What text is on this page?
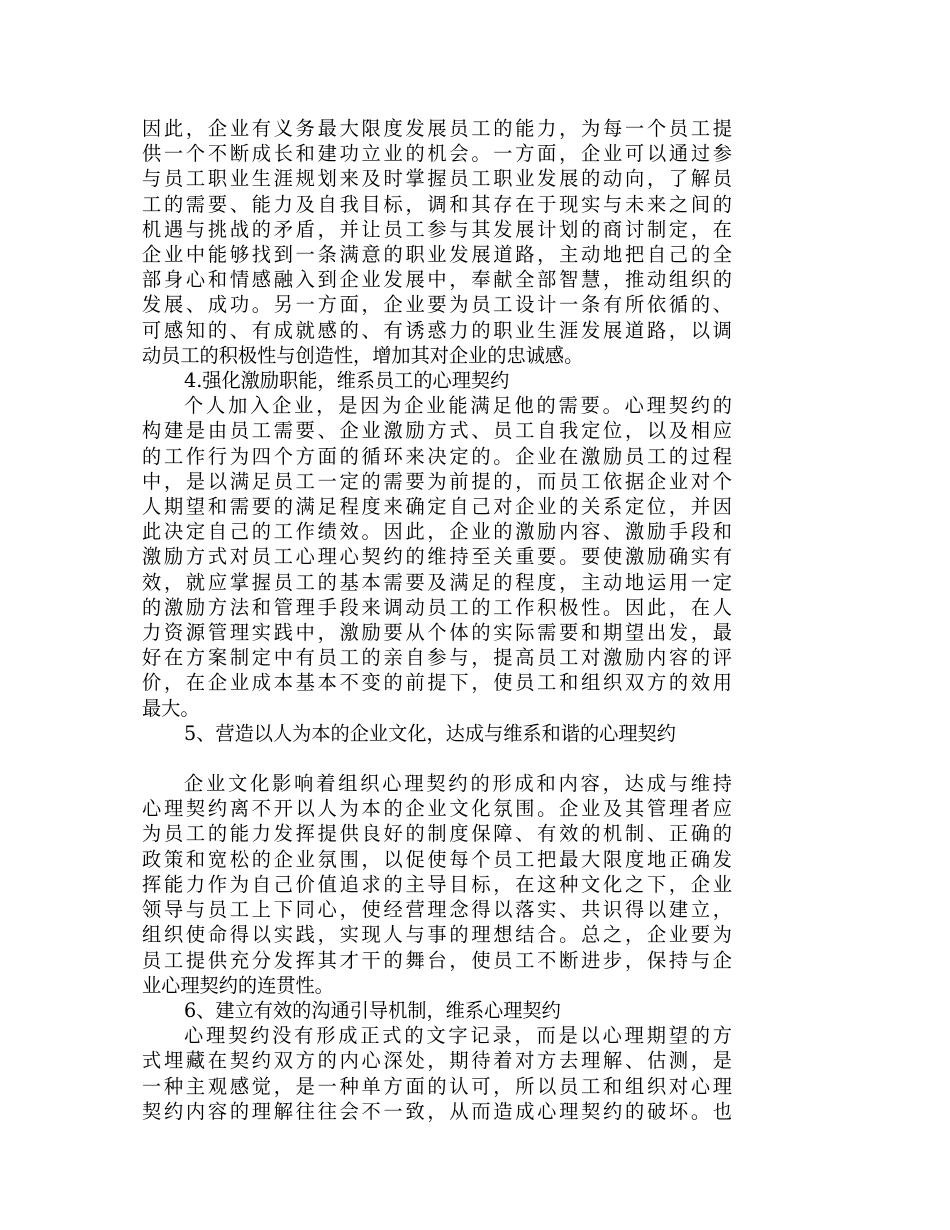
因此，企业有义务最大限度发展员工的能力，为每一个员工提
供一个不断成长和建功立业的机会。一方面，企业可以通过参
与员工职业生涯规划来及时掌握员工职业发展的动向，了解员
工的需要、能力及自我目标，调和其存在于现实与未来之间的
机遇与挑战的矛盾，并让员工参与其发展计划的商讨制定，在
企业中能够找到一条满意的职业发展道路，主动地把自己的全
部身心和情感融入到企业发展中，奉献全部智慧，推动组织的
发展、成功。另一方面，企业要为员工设计一条有所依循的、
可感知的、有成就感的、有诱惑力的职业生涯发展道路，以调
动员工的积极性与创造性，增加其对企业的忠诚感。

4.强化激励职能，维系员工的心理契约

个人加入企业，是因为企业能满足他的需要。心理契约的
构建是由员工需要、企业激励方式、员工自我定位，以及相应
的工作行为四个方面的循环来决定的。企业在激励员工的过程
中，是以满足员工一定的需要为前提的，而员工依据企业对个
人期望和需要的满足程度来确定自己对企业的关系定位，并因
此决定自己的工作绩效。因此，企业的激励内容、激励手段和
激励方式对员工心理心契约的维持至关重要。要使激励确实有
效，就应掌握员工的基本需要及满足的程度，主动地运用一定
的激励方法和管理手段来调动员工的工作积极性。因此，在人
力资源管理实践中，激励要从个体的实际需要和期望出发，最
好在方案制定中有员工的亲自参与，提高员工对激励内容的评
价，在企业成本基本不变的前提下，使员工和组织双方的效用
最大。

5、营造以人为本的企业文化，达成与维系和谐的心理契约

企业文化影响着组织心理契约的形成和内容，达成与维持
心理契约离不开以人为本的企业文化氛围。企业及其管理者应
为员工的能力发挥提供良好的制度保障、有效的机制、正确的
政策和宽松的企业氛围，以促使每个员工把最大限度地正确发
挥能力作为自己价值追求的主导目标，在这种文化之下，企业
领导与员工上下同心，使经营理念得以落实、共识得以建立，
组织使命得以实践，实现人与事的理想结合。总之，企业要为
员工提供充分发挥其才干的舞台，使员工不断进步，保持与企
业心理契约的连贯性。

6、建立有效的沟通引导机制，维系心理契约

心理契约没有形成正式的文字记录，而是以心理期望的方
式埋藏在契约双方的内心深处，期待着对方去理解、估测，是
一种主观感觉，是一种单方面的认可，所以员工和组织对心理
契约内容的理解往往会不一致，从而造成心理契约的破坏。也
